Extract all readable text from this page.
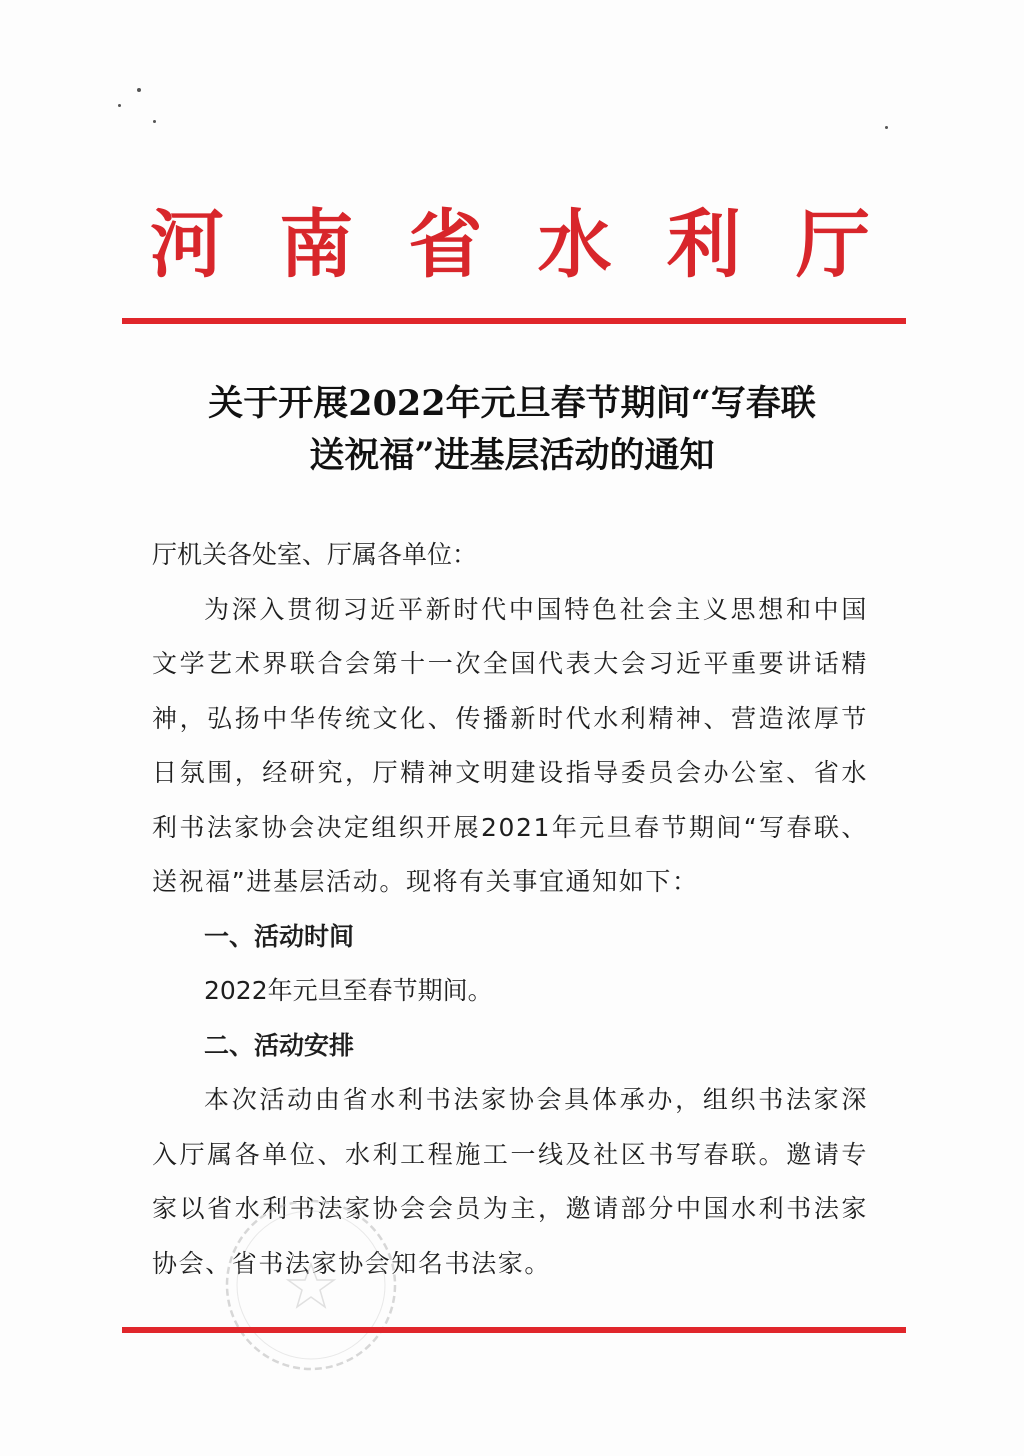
河 南 省 水 利 厅
关于开展2022年元旦春节期间“写春联
送祝福”进基层活动的通知

厅机关各处室、厅属各单位：

为深入贯彻习近平新时代中国特色社会主义思想和中国文学艺术界联合会第十一次全国代表大会习近平重要讲话精神，弘扬中华传统文化、传播新时代水利精神、营造浓厚节日氛围，经研究，厅精神文明建设指导委员会办公室、省水利书法家协会决定组织开展2021年元旦春节期间“写春联、送祝福”进基层活动。现将有关事宜通知如下：

一、活动时间

2022年元旦至春节期间。

二、活动安排

本次活动由省水利书法家协会具体承办，组织书法家深入厅属各单位、水利工程施工一线及社区书写春联。邀请专家以省水利书法家协会会员为主，邀请部分中国水利书法家协会、省书法家协会知名书法家。
